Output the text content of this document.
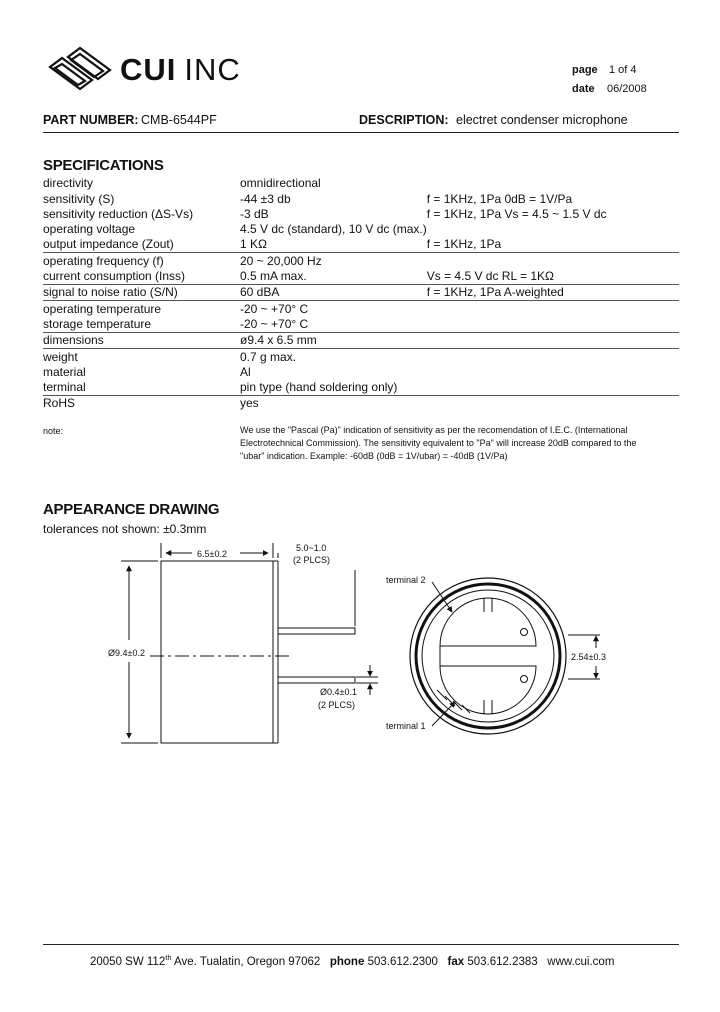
CUI INC	page 1 of 4
date 06/2008
PART NUMBER: CMB-6544PF	DESCRIPTION: electret condenser microphone
SPECIFICATIONS
directivity	omnidirectional	
sensitivity (S)	-44 ±3 db	f = 1KHz, 1Pa 0dB = 1V/Pa
sensitivity reduction (ΔS-Vs)	-3 dB	f = 1KHz, 1Pa Vs = 4.5 ~ 1.5 V dc
operating voltage	4.5 V dc (standard), 10 V dc (max.)	
output impedance (Zout)	1 KΩ	f = 1KHz, 1Pa
operating frequency (f)	20 ~ 20,000 Hz	
current consumption (Inss)	0.5 mA max.	Vs = 4.5 V dc RL = 1KΩ
signal to noise ratio (S/N)	60 dBA	f = 1KHz, 1Pa A-weighted
operating temperature	-20 ~ +70° C	
storage temperature	-20 ~ +70° C	
dimensions	ø9.4 x 6.5 mm	
weight	0.7 g max.	
material	Al	
terminal	pin type (hand soldering only)	
RoHS	yes	
note:	We use the "Pascal (Pa)" indication of sensitivity as per the recomendation of I.E.C. (International Electrotechnical Commission). The sensitivity equivalent to "Pa" will increase 20dB compared to the "ubar" indication. Example: -60dB (0dB = 1V/ubar) = -40dB (1V/Pa)
APPEARANCE DRAWING
tolerances not shown: ±0.3mm
6.5±0.2
5.0~1.0
(2 PLCS)
Ø9.4±0.2
Ø0.4±0.1
(2 PLCS)
terminal 2
terminal 1
2.54±0.3
20050 SW 112th Ave. Tualatin, Oregon 97062 phone 503.612.2300 fax 503.612.2383 www.cui.com
